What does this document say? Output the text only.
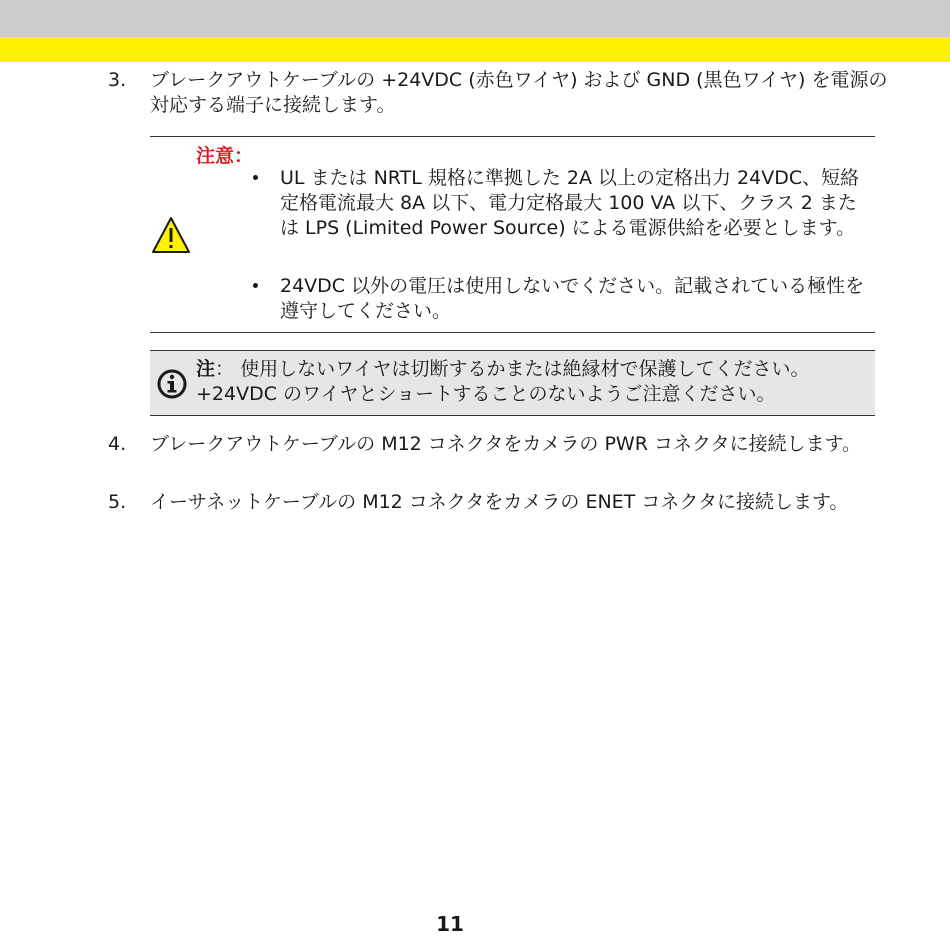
3.	ブレークアウトケーブルの +24VDC (赤色ワイヤ) および GND (黒色ワイヤ) を電源の対応する端子に接続します。
注意：
UL または NRTL 規格に準拠した 2A 以上の定格出力 24VDC、短絡定格電流最大 8A 以下、電力定格最大 100 VA 以下、クラス 2 または LPS (Limited Power Source) による電源供給を必要とします。
24VDC 以外の電圧は使用しないでください。記載されている極性を遵守してください。
注： 使用しないワイヤは切断するかまたは絶縁材で保護してください。+24VDC のワイヤとショートすることのないようご注意ください。
4.	ブレークアウトケーブルの M12 コネクタをカメラの PWR コネクタに接続します。
5.	イーサネットケーブルの M12 コネクタをカメラの ENET コネクタに接続します。
11
